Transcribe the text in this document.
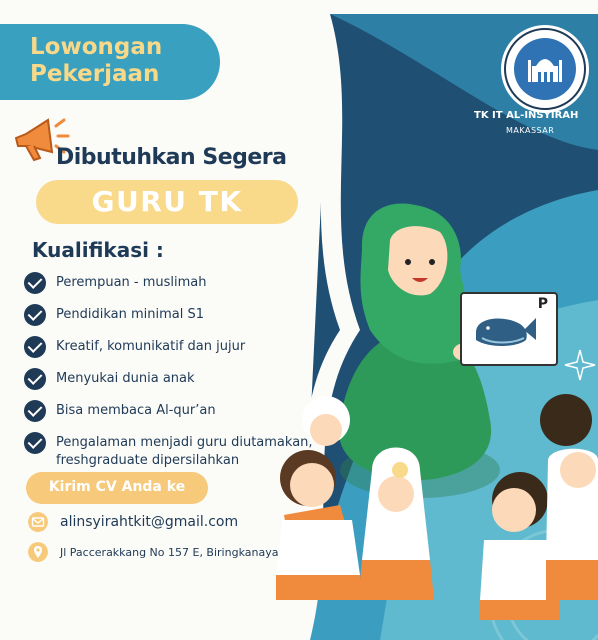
Lowongan
Pekerjaan
Dibutuhkan Segera
GURU TK
Kualifikasi :
Perempuan - muslimah
Pendidikan minimal S1
Kreatif, komunikatif dan jujur
Menyukai dunia anak
Bisa membaca Al-qur’an
Pengalaman menjadi guru diutamakan, freshgraduate dipersilahkan
Kirim CV Anda ke
alinsyirahtkit@gmail.com
Jl Paccerakkang No 157 E, Biringkanaya
TK IT AL-INSYIRAH
MAKASSAR
P
